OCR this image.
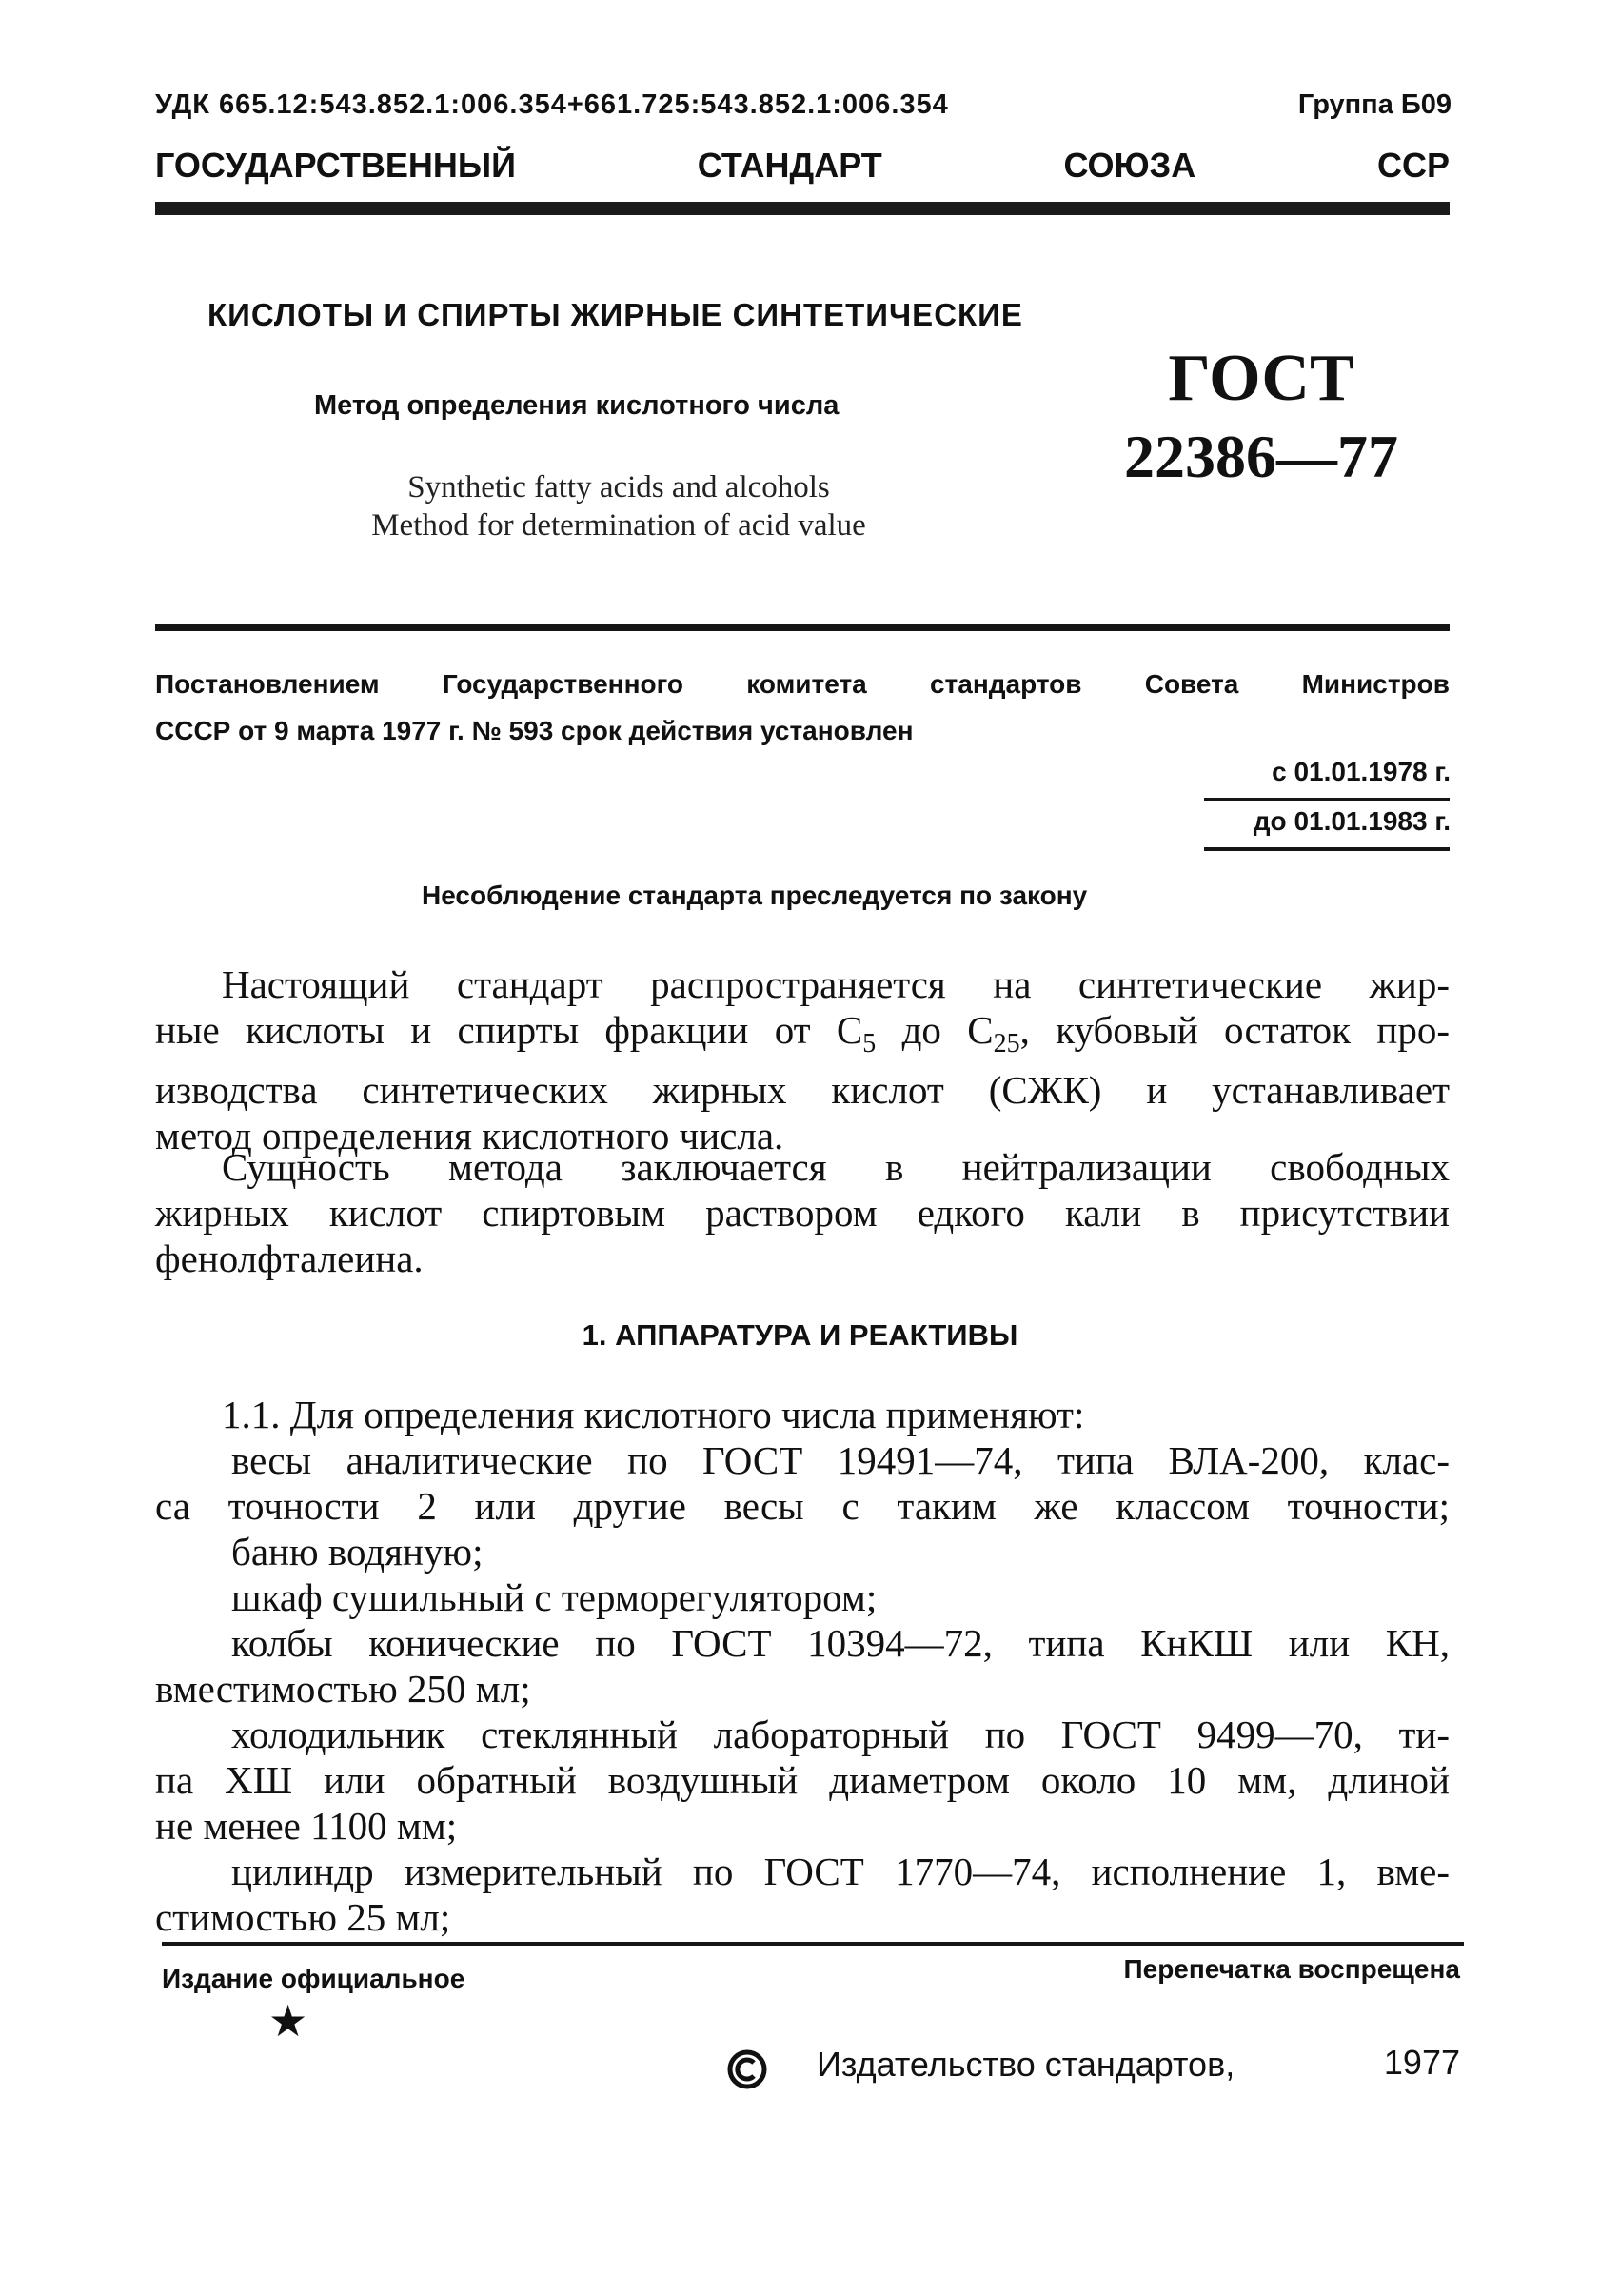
УДК 665.12:543.852.1:006.354+661.725:543.852.1:006.354	Группа Б09
ГОСУДАРСТВЕННЫЙ	СТАНДАРТ	СОЮЗА	ССР
КИСЛОТЫ И СПИРТЫ ЖИРНЫЕ СИНТЕТИЧЕСКИЕ
Метод определения кислотного числа
Synthetic fatty acids and alcohols
Method for determination of acid value
ГОСТ
22386—77
Постановлением Государственного комитета стандартов Совета Министров
СССР от 9 марта 1977 г. № 593 срок действия установлен
с 01.01.1978 г.
до 01.01.1983 г.
Несоблюдение стандарта преследуется по закону
Настоящий стандарт распространяется на синтетические жир-
ные кислоты и спирты фракции от $C_5$ до $C_{25}$, кубовый остаток про-
изводства синтетических жирных кислот (СЖК) и устанавливает
метод определения кислотного числа.
Сущность метода заключается в нейтрализации свободных
жирных кислот спиртовым раствором едкого кали в присутствии
фенолфталеина.
1. АППАРАТУРА И РЕАКТИВЫ
1.1. Для определения кислотного числа применяют:
весы аналитические по ГОСТ 19491—74, типа ВЛА-200, клас-
са точности 2 или другие весы с таким же классом точности;
баню водяную;
шкаф сушильный с терморегулятором;
колбы конические по ГОСТ 10394—72, типа КнКШ или КН,
вместимостью 250 мл;
холодильник стеклянный лабораторный по ГОСТ 9499—70, ти-
па ХШ или обратный воздушный диаметром около 10 мм, длиной
не менее 1100 мм;
цилиндр измерительный по ГОСТ 1770—74, исполнение 1, вме-
стимостью 25 мл;
Издание официальное	Перепечатка воспрещена
★
Издательство стандартов,	1977
